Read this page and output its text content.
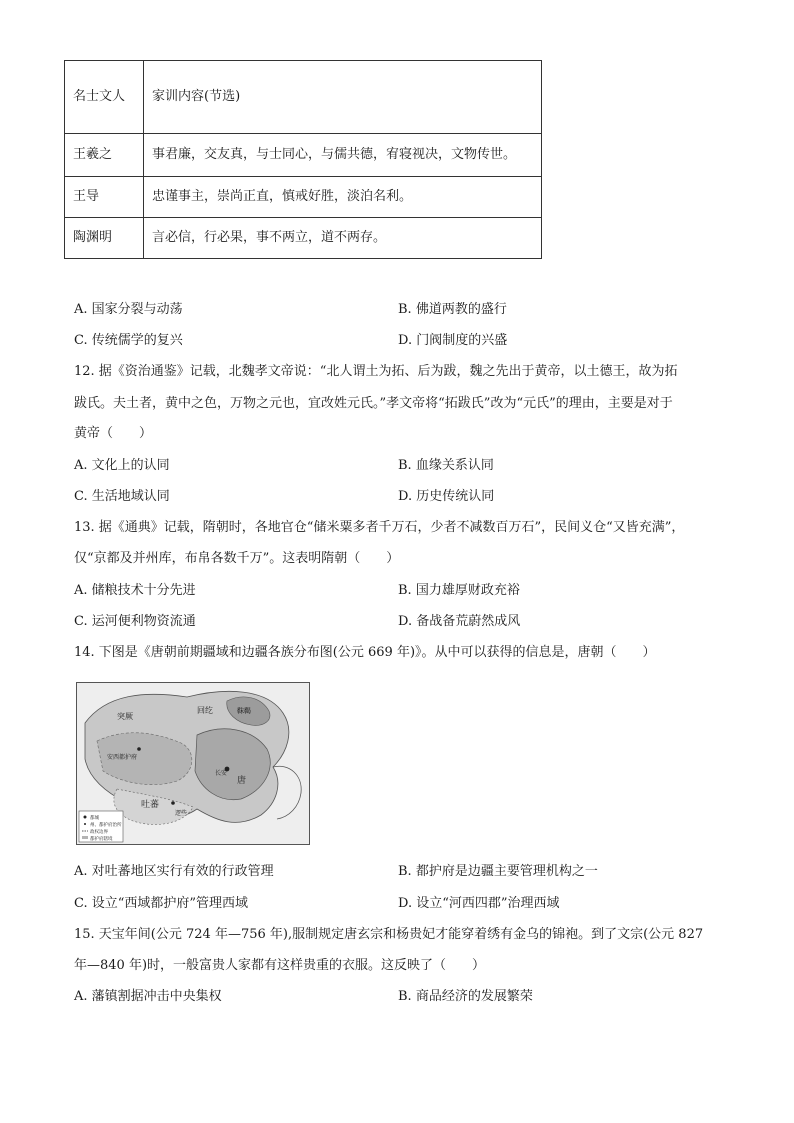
名士文人	家训内容(节选)
王羲之	事君廉，交友真，与士同心，与儒共德，宥寝视决，文物传世。
王导	忠谨事主，崇尚正直，慎戒好胜，淡泊名利。
陶渊明	言必信，行必果，事不两立，道不两存。
A. 国家分裂与动荡	B. 佛道两教的盛行
C. 传统儒学的复兴	D. 门阀制度的兴盛
12. 据《资治通鉴》记载，北魏孝文帝说：“北人谓土为拓、后为跋，魏之先出于黄帝，以土德王，故为拓
跋氏。夫土者，黄中之色，万物之元也，宜改姓元氏。”孝文帝将“拓跋氏”改为“元氏”的理由，主要是对于
黄帝（　　）
A. 文化上的认同	B. 血缘关系认同
C. 生活地域认同	D. 历史传统认同
13. 据《通典》记载，隋朝时，各地官仓“储米粟多者千万石，少者不减数百万石”，民间义仓“又皆充满”，
仅“京都及并州库，布帛各数千万”。这表明隋朝（　　）
A. 储粮技术十分先进	B. 国力雄厚财政充裕
C. 运河便利物资流通	D. 备战备荒蔚然成风
14. 下图是《唐朝前期疆域和边疆各族分布图(公元 669 年)》。从中可以获得的信息是，唐朝（　　）
突厥
回纥
吐蕃
唐
安西都护府
靺鞨
长安
逻些
都城
州、都护府治所
政权边界
都护府辖境
A. 对吐蕃地区实行有效的行政管理	B. 都护府是边疆主要管理机构之一
C. 设立“西域都护府”管理西域	D. 设立“河西四郡”治理西域
15. 天宝年间(公元 724 年—756 年),服制规定唐玄宗和杨贵妃才能穿着绣有金乌的锦袍。到了文宗(公元 827
年—840 年)时，一般富贵人家都有这样贵重的衣服。这反映了（　　）
A. 藩镇割据冲击中央集权	B. 商品经济的发展繁荣
